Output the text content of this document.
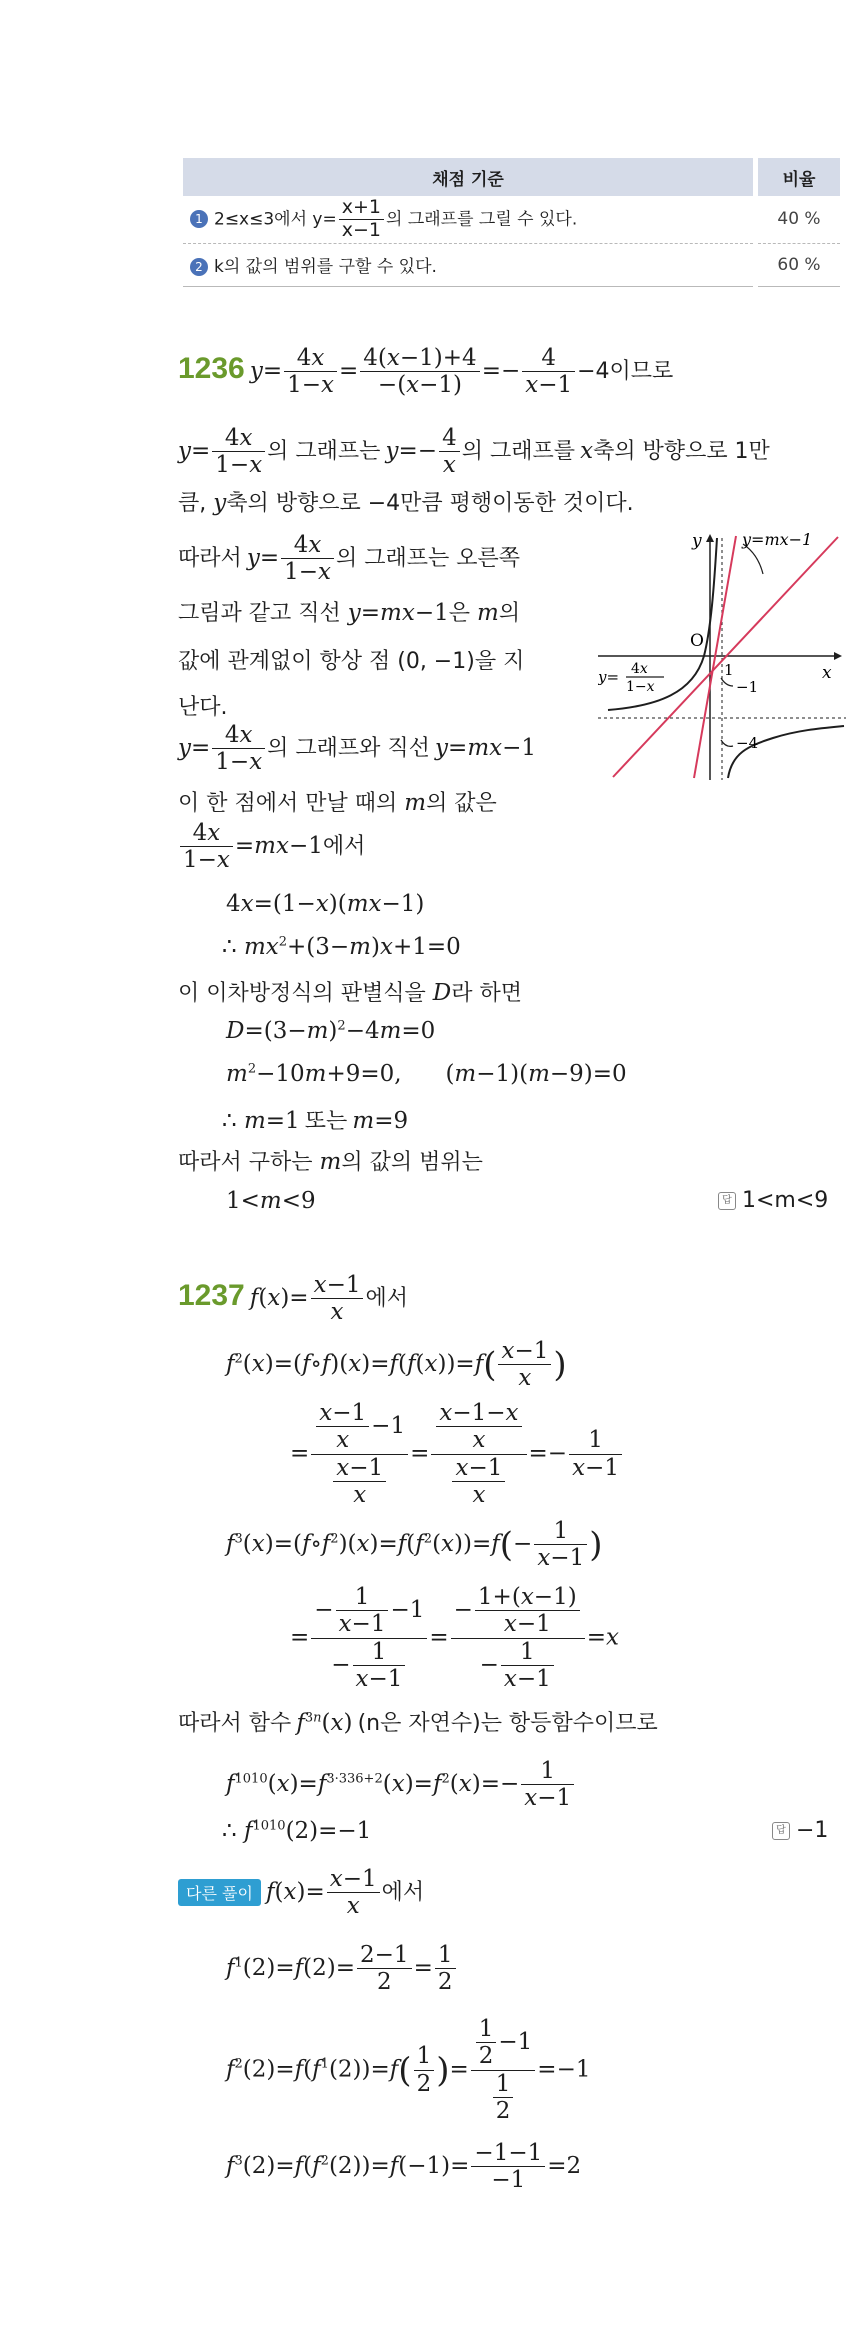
채점 기준	비율
1 2≤x≤3에서 $y= \frac{x+1}{x-1}$ 의 그래프를 그릴 수 있다.	40 %
2 k의 값의 범위를 구할 수 있다.	60 %
1236 $y= \frac{4x}{1-x} = \frac{4(x-1)+4}{-(x-1)} =- \frac{4}{x-1} -4$이므로
$y= \frac{4x}{1-x}$ 의 그래프는 $y=- \frac{4}{x}$ 의 그래프를 x축의 방향으로 1만
큼, y축의 방향으로 −4만큼 평행이동한 것이다.
따라서 $y= \frac{4x}{1-x}$ 의 그래프는 오른쪽
그림과 같고 직선 y=mx−1은 m의
값에 관계없이 항상 점 (0, −1)을 지
난다.
$y= \frac{4x}{1-x}$ 의 그래프와 직선 y=mx−1
이 한 점에서 만날 때의 m의 값은
$\frac{4x}{1-x} =mx-1$에서
4x=(1−x)(mx−1)
∴ $mx^2+(3-m)x+1=0$
이 이차방정식의 판별식을 D라 하면
$D=(3-m)^2-4m=0$
$m^2-10m+9=0$,      (m−1)(m−9)=0
∴ m=1 또는 m=9
따라서 구하는 m의 값의 범위는
1<m<9	답 1<m<9
y=mx−1
O
x
y
1
−1
−4
y= 4x
1−x
1237 $f(x)= \frac{x-1}{x}$ 에서
$f^2(x)=(f\circ f)(x)=f(f(x))=f( \frac{x-1}{x}$ )
= $\frac{\frac{x-1}{x} -1}{\frac{x-1}{x}} = \frac{\frac{x-1-x}{x}}{\frac{x-1}{x}} =- \frac{1}{x-1}$
$f^3(x)=(f\circ f^2)(x)=f(f^2(x))=f(- \frac{1}{x-1}$ )
= $\frac{- \frac{1}{x-1} -1}{- \frac{1}{x-1}} = \frac{- \frac{1+(x-1)}{x-1}}{- \frac{1}{x-1}} =x$
따라서 함수 $f^{3n}(x)$ (n은 자연수)는 항등함수이므로
$f^{1010}(x)=f^{3\cdot 336+2}(x)=f^2(x)=- \frac{1}{x-1}$
∴ $f^{1010}(2)=-1$	답 −1
다른 풀이 $f(x)= \frac{x-1}{x}$ 에서
$f^1(2)=f(2)= \frac{2-1}{2} = \frac{1}{2}$
$f^2(2)=f(f^1(2))=f( \frac{1}{2}$ )= $\frac{\frac{1}{2} -1}{\frac{1}{2}} =-1$
$f^3(2)=f(f^2(2))=f(-1)= \frac{-1-1}{-1} =2$
